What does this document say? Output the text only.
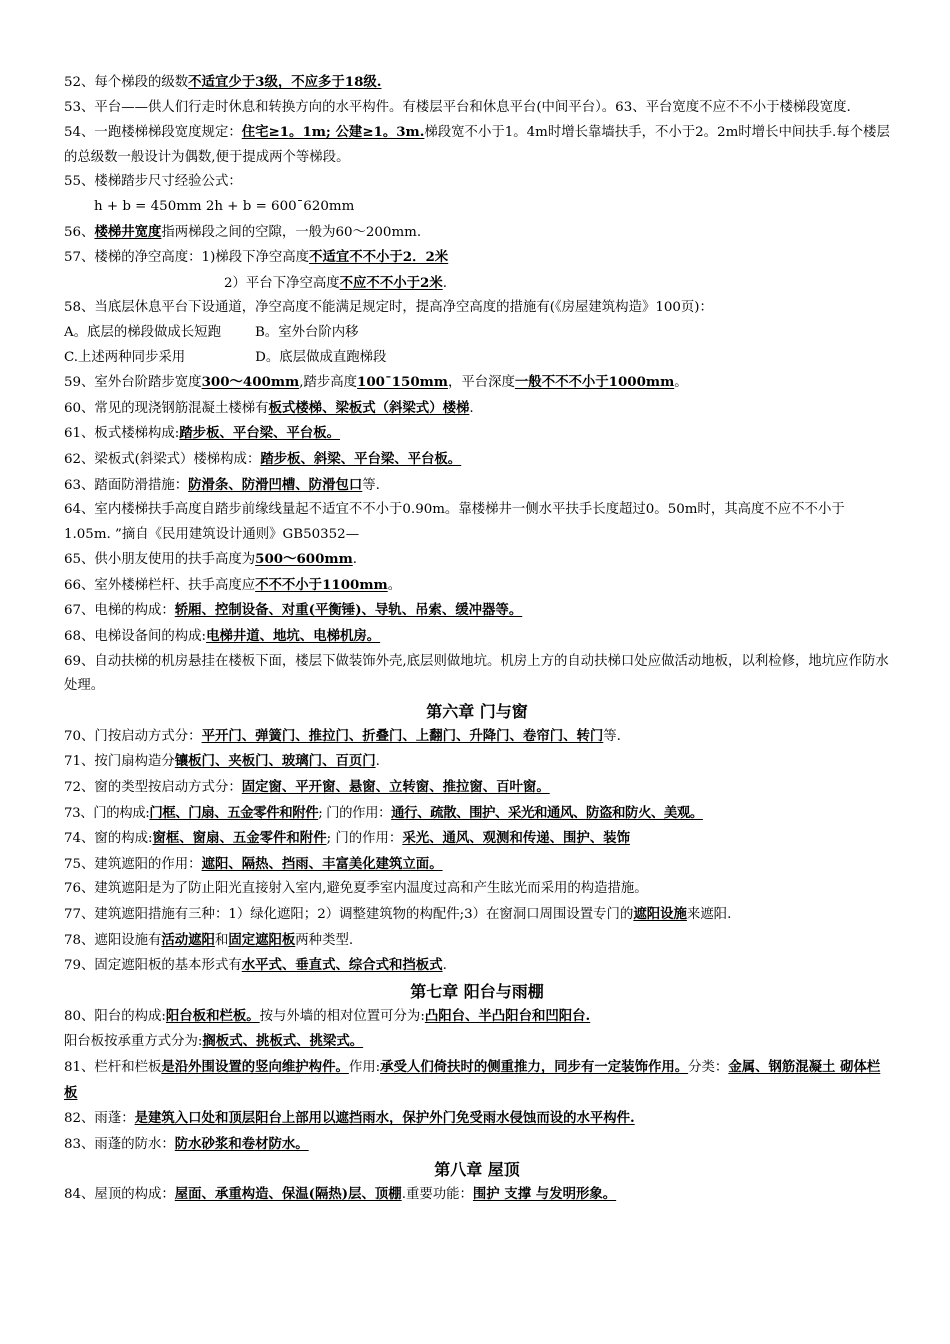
52、每个梯段的级数不适宜少于3级，不应多于18级.
53、平台——供人们行走时休息和转换方向的水平构件。有楼层平台和休息平台(中间平台）。63、平台宽度不应不不小于楼梯段宽度.
54、一跑楼梯梯段宽度规定：住宅≥1。1m; 公建≥1。3m.梯段宽不小于1。4m时增长靠墙扶手，不小于2。2m时增长中间扶手.每个楼层的总级数一般设计为偶数,便于提成两个等梯段。
55、楼梯踏步尺寸经验公式：
h + b = 450mm 2h + b = 600¯620mm
56、楼梯井宽度指两梯段之间的空隙，一般为60～200mm.
57、楼梯的净空高度：1)梯段下净空高度不适宜不不小于2．2米
2）平台下净空高度不应不不小于2米.
58、当底层休息平台下设通道，净空高度不能满足规定时，提高净空高度的措施有(《房屋建筑构造》100页)：
A。底层的梯段做成长短跑	B。室外台阶内移
C.上述两种同步采用	D。底层做成直跑梯段
59、室外台阶踏步宽度300～400mm,踏步高度100¯150mm，平台深度一般不不不小于1000mm。
60、常见的现浇钢筋混凝土楼梯有板式楼梯、梁板式（斜梁式）楼梯.
61、板式楼梯构成:踏步板、平台梁、平台板。
62、梁板式(斜梁式）楼梯构成：踏步板、斜梁、平台梁、平台板。
63、踏面防滑措施：防滑条、防滑凹槽、防滑包口等.
64、室内楼梯扶手高度自踏步前缘线量起不适宜不不小于0.90m。靠楼梯井一侧水平扶手长度超过0。50m时，其高度不应不不小于1.05m. ”摘自《民用建筑设计通则》GB50352—
65、供小朋友使用的扶手高度为500～600mm.
66、室外楼梯栏杆、扶手高度应不不不小于1100mm。
67、电梯的构成：轿厢、控制设备、对重(平衡锤)、导轨、吊索、缓冲器等。
68、电梯设备间的构成:电梯井道、地坑、电梯机房。
69、自动扶梯的机房悬挂在楼板下面，楼层下做装饰外壳,底层则做地坑。机房上方的自动扶梯口处应做活动地板，以利检修，地坑应作防水处理。
第六章 门与窗
70、门按启动方式分：平开门、弹簧门、推拉门、折叠门、上翻门、升降门、卷帘门、转门等.
71、按门扇构造分镶板门、夹板门、玻璃门、百页门.
72、窗的类型按启动方式分：固定窗、平开窗、悬窗、立转窗、推拉窗、百叶窗。
73、门的构成:门框、门扇、五金零件和附件; 门的作用：通行、疏散、围护、采光和通风、防盗和防火、美观。
74、窗的构成:窗框、窗扇、五金零件和附件; 门的作用：采光、通风、观测和传递、围护、装饰
75、建筑遮阳的作用：遮阳、隔热、挡雨、丰富美化建筑立面。
76、建筑遮阳是为了防止阳光直接射入室内,避免夏季室内温度过高和产生眩光而采用的构造措施。
77、建筑遮阳措施有三种：1）绿化遮阳；2）调整建筑物的构配件;3）在窗洞口周围设置专门的遮阳设施来遮阳.
78、遮阳设施有活动遮阳和固定遮阳板两种类型.
79、固定遮阳板的基本形式有水平式、垂直式、综合式和挡板式.
第七章 阳台与雨棚
80、阳台的构成:阳台板和栏板。按与外墙的相对位置可分为:凸阳台、半凸阳台和凹阳台.
阳台板按承重方式分为:搁板式、挑板式、挑梁式。
81、栏杆和栏板是沿外围设置的竖向维护构件。作用:承受人们倚扶时的侧重推力，同步有一定装饰作用。分类：金属、钢筋混凝土 砌体栏板
82、雨蓬：是建筑入口处和顶层阳台上部用以遮挡雨水，保护外门免受雨水侵蚀而设的水平构件.
83、雨蓬的防水：防水砂浆和卷材防水。
第八章 屋顶
84、屋顶的构成：屋面、承重构造、保温(隔热)层、顶棚.重要功能：围护 支撑 与发明形象。
